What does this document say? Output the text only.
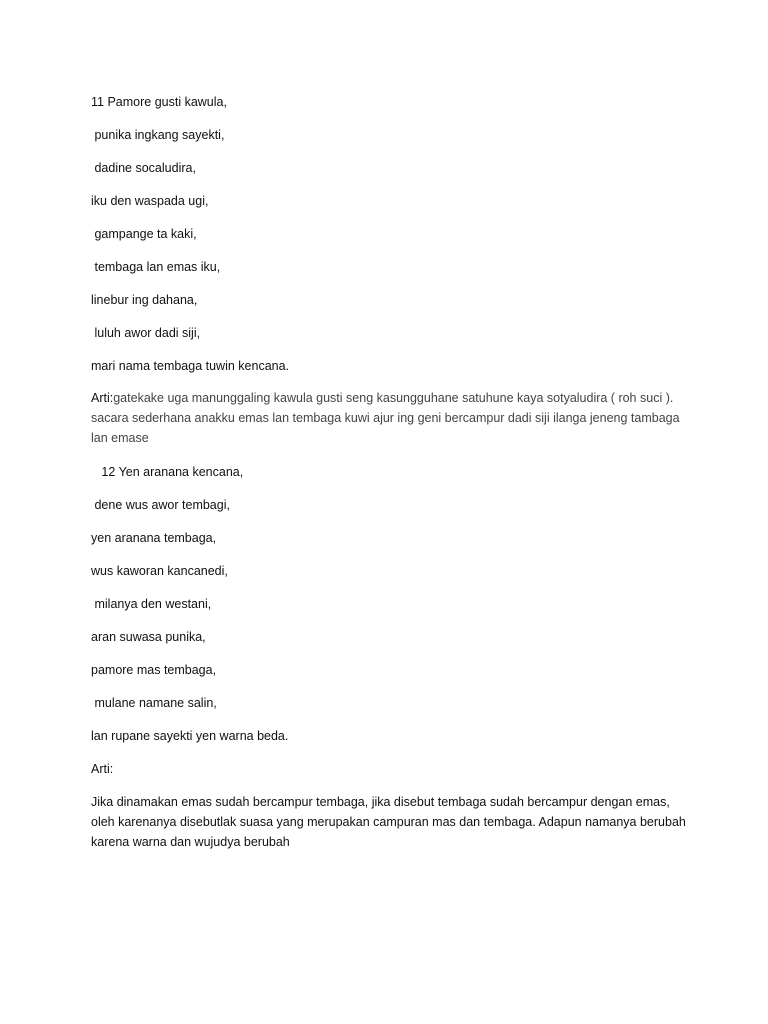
11 Pamore gusti kawula,

punika ingkang sayekti,

dadine socaludira,

iku den waspada ugi,

gampange ta kaki,

tembaga lan emas iku,

linebur ing dahana,

luluh awor dadi siji,

mari nama tembaga tuwin kencana.

Arti:gatekake uga manunggaling kawula gusti seng kasungguhane satuhune kaya sotyaludira ( roh suci ). sacara sederhana anakku emas lan tembaga kuwi ajur ing geni bercampur dadi siji ilanga jeneng tambaga lan emase

12 Yen aranana kencana,

dene wus awor tembagi,

yen aranana tembaga,

wus kaworan kancanedi,

milanya den westani,

aran suwasa punika,

pamore mas tembaga,

mulane namane salin,

lan rupane sayekti yen warna beda.

Arti:

Jika dinamakan emas sudah bercampur tembaga, jika disebut tembaga sudah bercampur dengan emas, oleh karenanya disebutlak suasa yang merupakan campuran mas dan tembaga. Adapun namanya berubah karena warna dan wujudya berubah
